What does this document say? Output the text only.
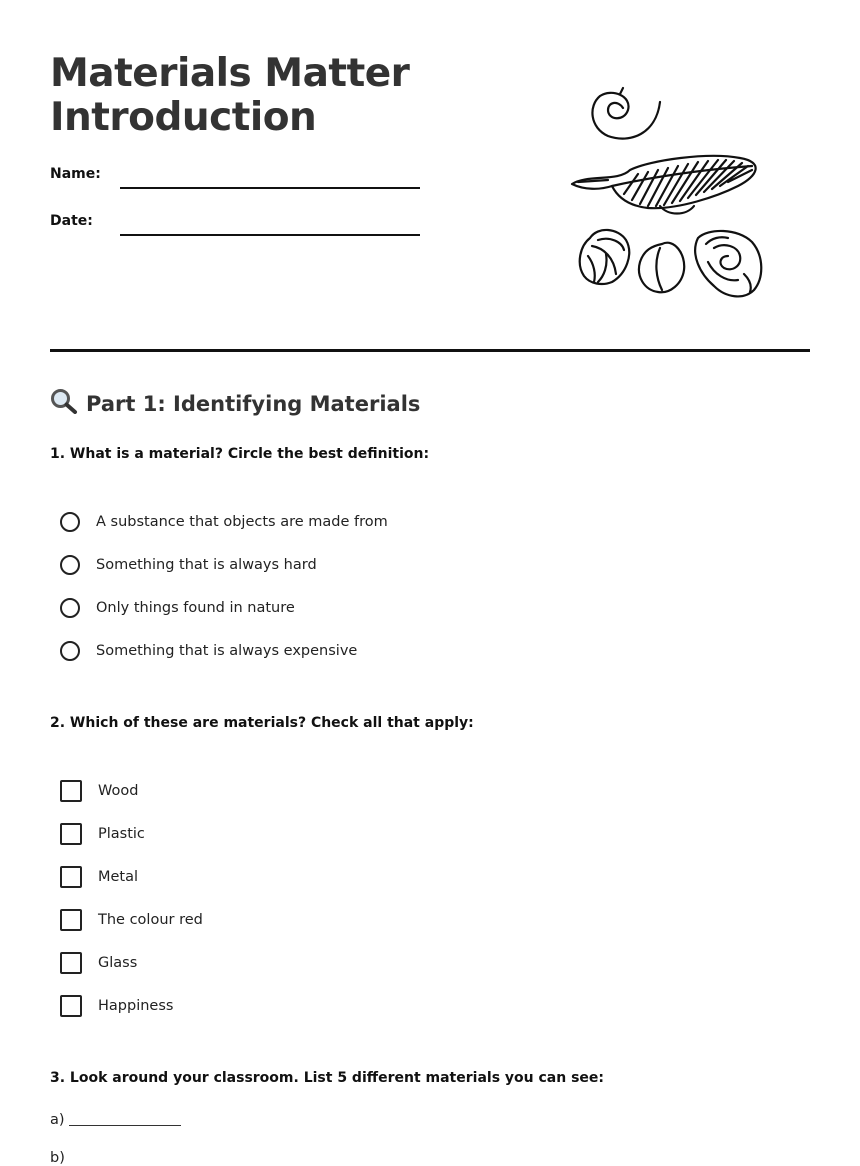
Materials Matter
Introduction
Name:
Date:
Part 1: Identifying Materials

1. What is a material? Circle the best definition:

A substance that objects are made from
Something that is always hard
Only things found in nature
Something that is always expensive

2. Which of these are materials? Check all that apply:

Wood
Plastic
Metal
The colour red
Glass
Happiness

3. Look around your classroom. List 5 different materials you can see:

a)
b)
